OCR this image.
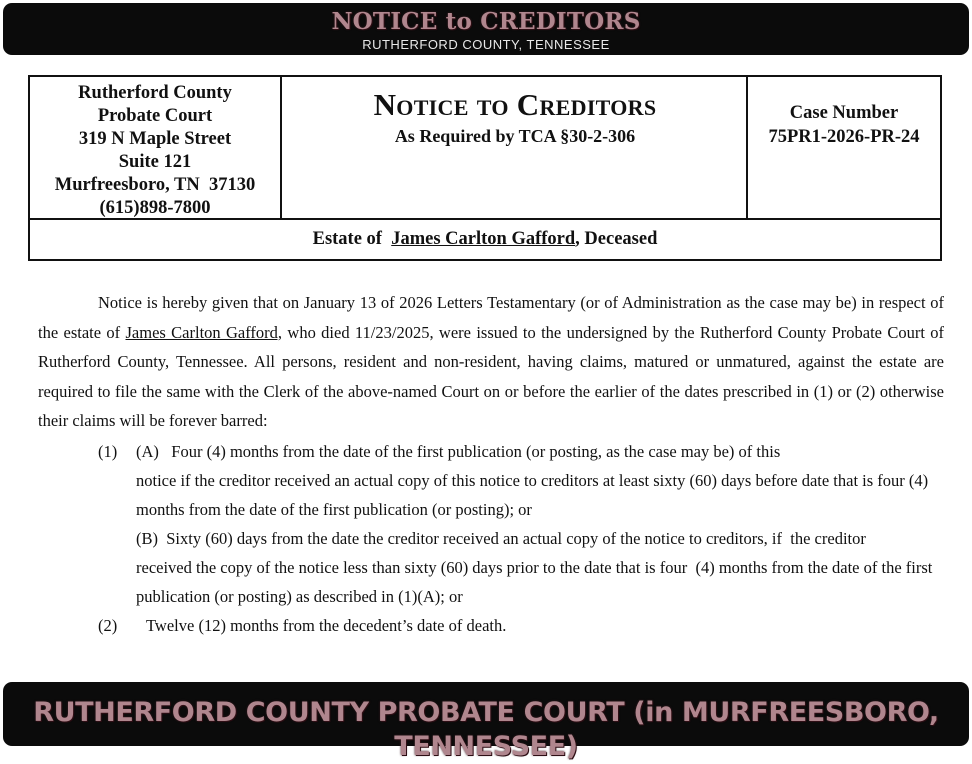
NOTICE to CREDITORS
RUTHERFORD COUNTY, TENNESSEE
Rutherford County
Probate Court
319 N Maple Street
Suite 121
Murfreesboro, TN  37130
(615)898-7800
Notice to Creditors
As Required by TCA §30-2-306
Case Number
75PR1-2026-PR-24
Estate of James Carlton Gafford, Deceased

Notice is hereby given that on January 13 of 2026 Letters Testamentary (or of Administration as the case may be) in respect of the estate of James Carlton Gafford, who died 11/23/2025, were issued to the undersigned by the Rutherford County Probate Court of Rutherford County, Tennessee. All persons, resident and non-resident, having claims, matured or unmatured, against the estate are required to file the same with the Clerk of the above-named Court on or before the earlier of the dates prescribed in (1) or (2) otherwise their claims will be forever barred:

(1) (A)   Four (4) months from the date of the first publication (or posting, as the case may be) of this
notice if the creditor received an actual copy of this notice to creditors at least sixty (60) days before date that is four (4)
months from the date of the first publication (or posting); or
(B)  Sixty (60) days from the date the creditor received an actual copy of the notice to creditors, if  the creditor
received the copy of the notice less than sixty (60) days prior to the date that is four  (4) months from the date of the first
publication (or posting) as described in (1)(A); or
(2) Twelve (12) months from the decedent’s date of death.
RUTHERFORD COUNTY PROBATE COURT (in MURFREESBORO, TENNESSEE)
